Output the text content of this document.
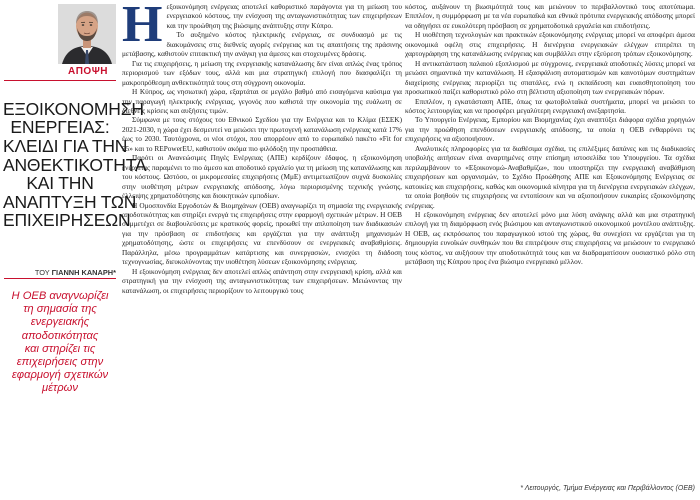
ΑΠΟΨΗ
ΕΞΟΙΚΟΝΟΜΗΣΗ
ΕΝΕΡΓΕΙΑΣ:
ΚΛΕΙΔΙ ΓΙΑ ΤΗΝ
ΑΝΘΕΚΤΙΚΟΤΗΤΑ
ΚΑΙ ΤΗΝ
ΑΝΑΠΤΥΞΗ ΤΩΝ
ΕΠΙΧΕΙΡΗΣΕΩΝ
ΤΟΥ ΓΙΑΝΝΗ ΚΑΝΑΡΗ*
Η ΟΕΒ αναγνωρίζει
τη σημασία της
ενεργειακής
αποδοτικότητας
και στηρίζει τις
επιχειρήσεις στην
εφαρμογή σχετικών
μέτρων

Ηεξοικονόμηση ενέργειας αποτελεί καθοριστικό παράγοντα για τη μείωση του ενεργειακού κόστους, την ενίσχυση της ανταγωνιστικότητας των επιχειρήσεων και την προώθηση της βιώσιμης ανάπτυξης στην Κύπρο.

Το αυξημένο κόστος ηλεκτρικής ενέργειας, σε συνδυασμό με τις διακυμάνσεις στις διεθνείς αγορές ενέργειας και τις απαιτήσεις της πράσινης μετάβασης, καθιστούν επιτακτική την ανάγκη για άμεσες και στοχευμένες δράσεις.

Για τις επιχειρήσεις, η μείωση της ενεργειακής κατανάλωσης δεν είναι απλώς ένας τρόπος περιορισμού των εξόδων τους, αλλά και μια στρατηγική επιλογή που διασφαλίζει τη μακροπρόθεσμη ανθεκτικότητά τους στη σύγχρονη οικονομία.

Η Κύπρος, ως νησιωτική χώρα, εξαρτάται σε μεγάλο βαθμό από εισαγόμενα καύσιμα για την παραγωγή ηλεκτρικής ενέργειας, γεγονός που καθιστά την οικονομία της ευάλωτη σε διεθνείς κρίσεις και αυξήσεις τιμών.

Σύμφωνα με τους στόχους του Εθνικού Σχεδίου για την Ενέργεια και το Κλίμα (ΕΣΕΚ) 2021-2030, η χώρα έχει δεσμευτεί να μειώσει την πρωτογενή κατανάλωση ενέργειας κατά 17% έως το 2030. Ταυτόχρονα, οι νέοι στόχοι, που απορρέουν από το ευρωπαϊκό πακέτο «Fit for 55» και το REPowerEU, καθιστούν ακόμα πιο φιλόδοξη την προσπάθεια.

Παρότι οι Ανανεώσιμες Πηγές Ενέργειας (ΑΠΕ) κερδίζουν έδαφος, η εξοικονόμηση ενέργειας παραμένει το πιο άμεσο και αποδοτικό εργαλείο για τη μείωση της κατανάλωσης και του κόστους. Ωστόσο, οι μικρομεσαίες επιχειρήσεις (ΜμΕ) αντιμετωπίζουν συχνά δυσκολίες στην υιοθέτηση μέτρων ενεργειακής απόδοσης, λόγω περιορισμένης τεχνικής γνώσης, έλλειψης χρηματοδότησης και διοικητικών εμποδίων.

Η Ομοσπονδία Εργοδοτών & Βιομηχάνων (ΟΕΒ) αναγνωρίζει τη σημασία της ενεργειακής αποδοτικότητας και στηρίζει ενεργά τις επιχειρήσεις στην εφαρμογή σχετικών μέτρων. Η ΟΕΒ συμμετέχει σε διαβουλεύσεις με κρατικούς φορείς, προωθεί την απλοποίηση των διαδικασιών για την πρόσβαση σε επιδοτήσεις και εργάζεται για την ανάπτυξη μηχανισμών χρηματοδότησης, ώστε οι επιχειρήσεις να επενδύσουν σε ενεργειακές αναβαθμίσεις. Παράλληλα, μέσω προγραμμάτων κατάρτισης και συνεργασιών, ενισχύει τη διάδοση τεχνογνωσίας, διευκολύνοντας την υιοθέτηση λύσεων εξοικονόμησης ενέργειας.

Η εξοικονόμηση ενέργειας δεν αποτελεί απλώς απάντηση στην ενεργειακή κρίση, αλλά και στρατηγική για την ενίσχυση της ανταγωνιστικότητας των επιχειρήσεων. Μειώνοντας την κατανάλωση, οι επιχειρήσεις περιορίζουν το λειτουργικό τους

κόστος, αυξάνουν τη βιωσιμότητά τους και μειώνουν το περιβαλλοντικό τους αποτύπωμα. Επιπλέον, η συμμόρφωση με τα νέα ευρωπαϊκά και εθνικά πρότυπα ενεργειακής απόδοσης μπορεί να οδηγήσει σε ευκολότερη πρόσβαση σε χρηματοδοτικά εργαλεία και επιδοτήσεις.

Η υιοθέτηση τεχνολογιών και πρακτικών εξοικονόμησης ενέργειας μπορεί να αποφέρει άμεσα οικονομικά οφέλη στις επιχειρήσεις. Η διενέργεια ενεργειακών ελέγχων επιτρέπει τη χαρτογράφηση της κατανάλωσης ενέργειας και συμβάλλει στην εξεύρεση τρόπων εξοικονόμησης.

Η αντικατάσταση παλαιού εξοπλισμού με σύγχρονες, ενεργειακά αποδοτικές λύσεις μπορεί να μειώσει σημαντικά την κατανάλωση. Η εξασφάλιση αυτοματισμών και καινοτόμων συστημάτων διαχείρισης ενέργειας περιορίζει τις σπατάλες, ενώ η εκπαίδευση και ευαισθητοποίηση του προσωπικού παίζει καθοριστικό ρόλο στη βέλτιστη αξιοποίηση των ενεργειακών πόρων.

Επιπλέον, η εγκατάσταση ΑΠΕ, όπως τα φωτοβολταϊκά συστήματα, μπορεί να μειώσει το κόστος λειτουργίας και να προσφέρει μεγαλύτερη ενεργειακή ανεξαρτησία.

Το Υπουργείο Ενέργειας, Εμπορίου και Βιομηχανίας έχει αναπτύξει διάφορα σχέδια χορηγιών για την προώθηση επενδύσεων ενεργειακής απόδοσης, τα οποία η ΟΕΒ ενθαρρύνει τις επιχειρήσεις να αξιοποιήσουν.

Αναλυτικές πληροφορίες για τα διαθέσιμα σχέδια, τις επιλέξιμες δαπάνες και τις διαδικασίες υποβολής αιτήσεων είναι αναρτημένες στην επίσημη ιστοσελίδα του Υπουργείου. Τα σχέδια περιλαμβάνουν το «Εξοικονομώ-Αναβαθμίζω», που υποστηρίζει την ενεργειακή αναβάθμιση επιχειρήσεων και οργανισμών, το Σχέδιο Προώθησης ΑΠΕ και Εξοικονόμησης Ενέργειας σε κατοικίες και επιχειρήσεις, καθώς και οικονομικά κίνητρα για τη διενέργεια ενεργειακών ελέγχων, τα οποία βοηθούν τις επιχειρήσεις να εντοπίσουν και να αξιοποιήσουν ευκαιρίες εξοικονόμησης ενέργειας.

Η εξοικονόμηση ενέργειας δεν αποτελεί μόνο μια λύση ανάγκης αλλά και μια στρατηγική επιλογή για τη διαμόρφωση ενός βιώσιμου και ανταγωνιστικού οικονομικού μοντέλου ανάπτυξης. Η ΟΕΒ, ως εκπρόσωπος του παραγωγικού ιστού της χώρας, θα συνεχίσει να εργάζεται για τη δημιουργία ευνοϊκών συνθηκών που θα επιτρέψουν στις επιχειρήσεις να μειώσουν το ενεργειακό τους κόστος, να αυξήσουν την αποδοτικότητά τους και να διαδραματίσουν ουσιαστικό ρόλο στη μετάβαση της Κύπρου προς ένα βιώσιμο ενεργειακό μέλλον.

* Λειτουργός, Τμήμα Ενέργειας και Περιβάλλοντος (ΟΕΒ)
